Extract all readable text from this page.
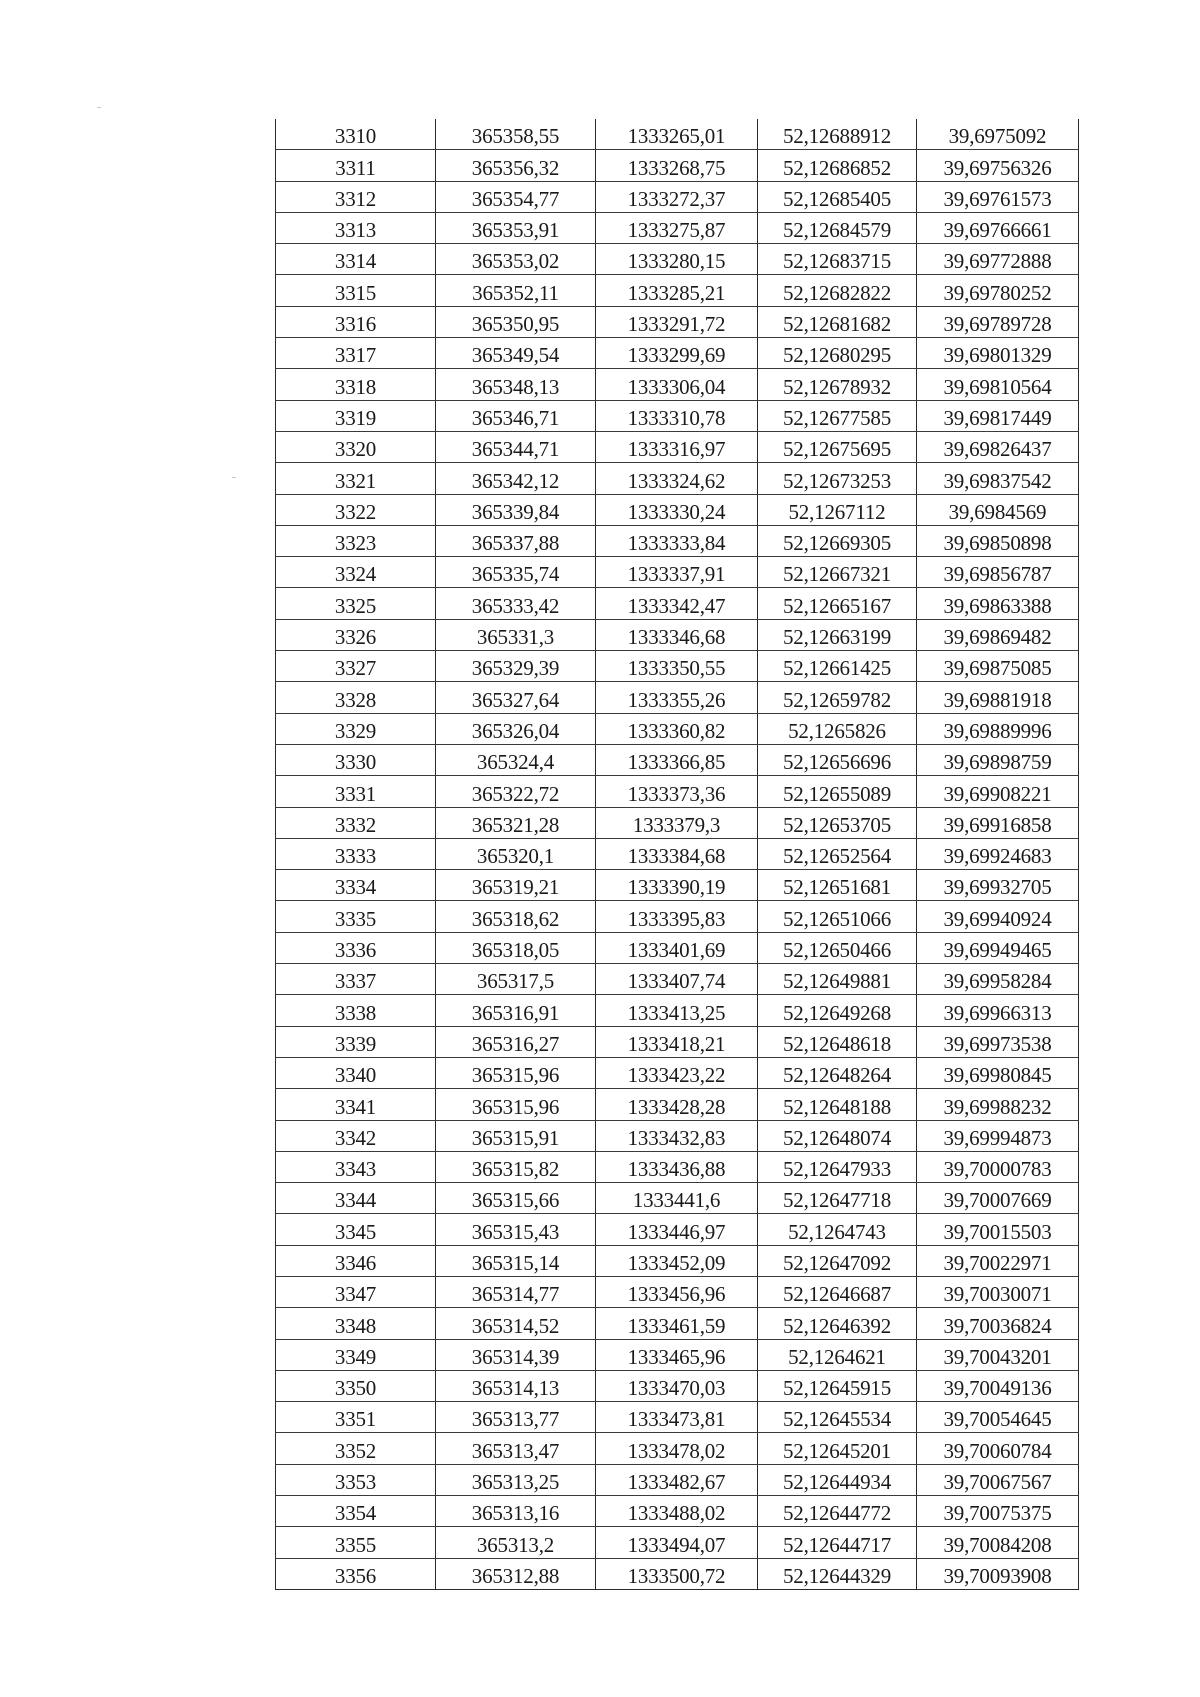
3310	365358,55	1333265,01	52,12688912	39,6975092
3311	365356,32	1333268,75	52,12686852	39,69756326
3312	365354,77	1333272,37	52,12685405	39,69761573
3313	365353,91	1333275,87	52,12684579	39,69766661
3314	365353,02	1333280,15	52,12683715	39,69772888
3315	365352,11	1333285,21	52,12682822	39,69780252
3316	365350,95	1333291,72	52,12681682	39,69789728
3317	365349,54	1333299,69	52,12680295	39,69801329
3318	365348,13	1333306,04	52,12678932	39,69810564
3319	365346,71	1333310,78	52,12677585	39,69817449
3320	365344,71	1333316,97	52,12675695	39,69826437
3321	365342,12	1333324,62	52,12673253	39,69837542
3322	365339,84	1333330,24	52,1267112	39,6984569
3323	365337,88	1333333,84	52,12669305	39,69850898
3324	365335,74	1333337,91	52,12667321	39,69856787
3325	365333,42	1333342,47	52,12665167	39,69863388
3326	365331,3	1333346,68	52,12663199	39,69869482
3327	365329,39	1333350,55	52,12661425	39,69875085
3328	365327,64	1333355,26	52,12659782	39,69881918
3329	365326,04	1333360,82	52,1265826	39,69889996
3330	365324,4	1333366,85	52,12656696	39,69898759
3331	365322,72	1333373,36	52,12655089	39,69908221
3332	365321,28	1333379,3	52,12653705	39,69916858
3333	365320,1	1333384,68	52,12652564	39,69924683
3334	365319,21	1333390,19	52,12651681	39,69932705
3335	365318,62	1333395,83	52,12651066	39,69940924
3336	365318,05	1333401,69	52,12650466	39,69949465
3337	365317,5	1333407,74	52,12649881	39,69958284
3338	365316,91	1333413,25	52,12649268	39,69966313
3339	365316,27	1333418,21	52,12648618	39,69973538
3340	365315,96	1333423,22	52,12648264	39,69980845
3341	365315,96	1333428,28	52,12648188	39,69988232
3342	365315,91	1333432,83	52,12648074	39,69994873
3343	365315,82	1333436,88	52,12647933	39,70000783
3344	365315,66	1333441,6	52,12647718	39,70007669
3345	365315,43	1333446,97	52,1264743	39,70015503
3346	365315,14	1333452,09	52,12647092	39,70022971
3347	365314,77	1333456,96	52,12646687	39,70030071
3348	365314,52	1333461,59	52,12646392	39,70036824
3349	365314,39	1333465,96	52,1264621	39,70043201
3350	365314,13	1333470,03	52,12645915	39,70049136
3351	365313,77	1333473,81	52,12645534	39,70054645
3352	365313,47	1333478,02	52,12645201	39,70060784
3353	365313,25	1333482,67	52,12644934	39,70067567
3354	365313,16	1333488,02	52,12644772	39,70075375
3355	365313,2	1333494,07	52,12644717	39,70084208
3356	365312,88	1333500,72	52,12644329	39,70093908
